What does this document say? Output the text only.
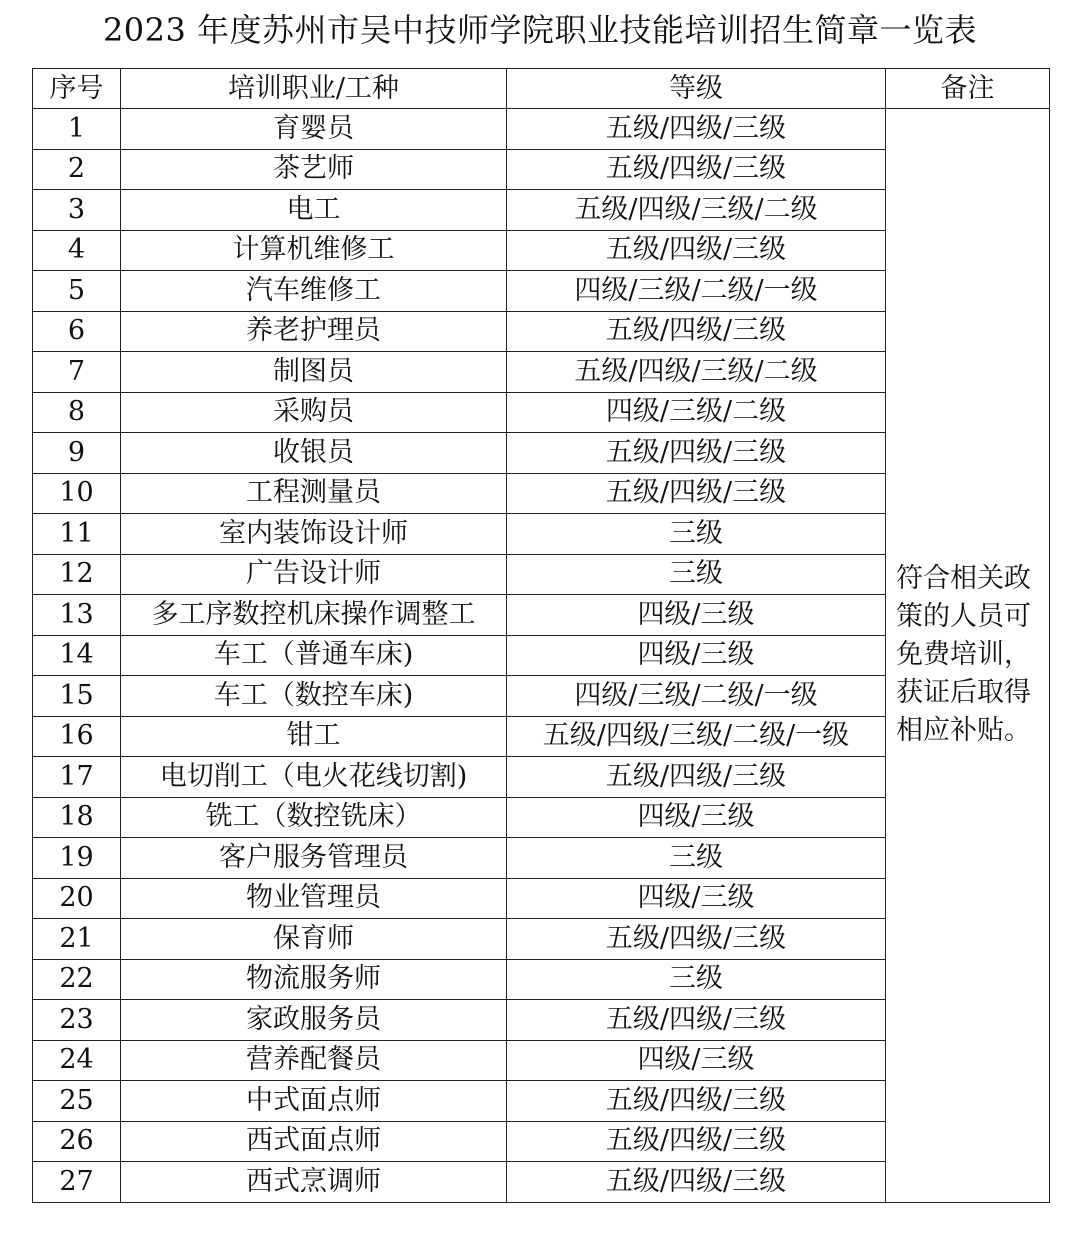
2023 年度苏州市吴中技师学院职业技能培训招生简章一览表
序号	培训职业/工种	等级	备注
1	育婴员	五级/四级/三级	符合相关政策的人员可免费培训，获证后取得相应补贴。
2	茶艺师	五级/四级/三级	
3	电工	五级/四级/三级/二级	
4	计算机维修工	五级/四级/三级	
5	汽车维修工	四级/三级/二级/一级	
6	养老护理员	五级/四级/三级	
7	制图员	五级/四级/三级/二级	
8	采购员	四级/三级/二级	
9	收银员	五级/四级/三级	
10	工程测量员	五级/四级/三级	
11	室内装饰设计师	三级	
12	广告设计师	三级	
13	多工序数控机床操作调整工	四级/三级	
14	车工（普通车床)	四级/三级	
15	车工（数控车床)	四级/三级/二级/一级	
16	钳工	五级/四级/三级/二级/一级	
17	电切削工（电火花线切割)	五级/四级/三级	
18	铣工（数控铣床）	四级/三级	
19	客户服务管理员	三级	
20	物业管理员	四级/三级	
21	保育师	五级/四级/三级	
22	物流服务师	三级	
23	家政服务员	五级/四级/三级	
24	营养配餐员	四级/三级	
25	中式面点师	五级/四级/三级	
26	西式面点师	五级/四级/三级	
27	西式烹调师	五级/四级/三级	
